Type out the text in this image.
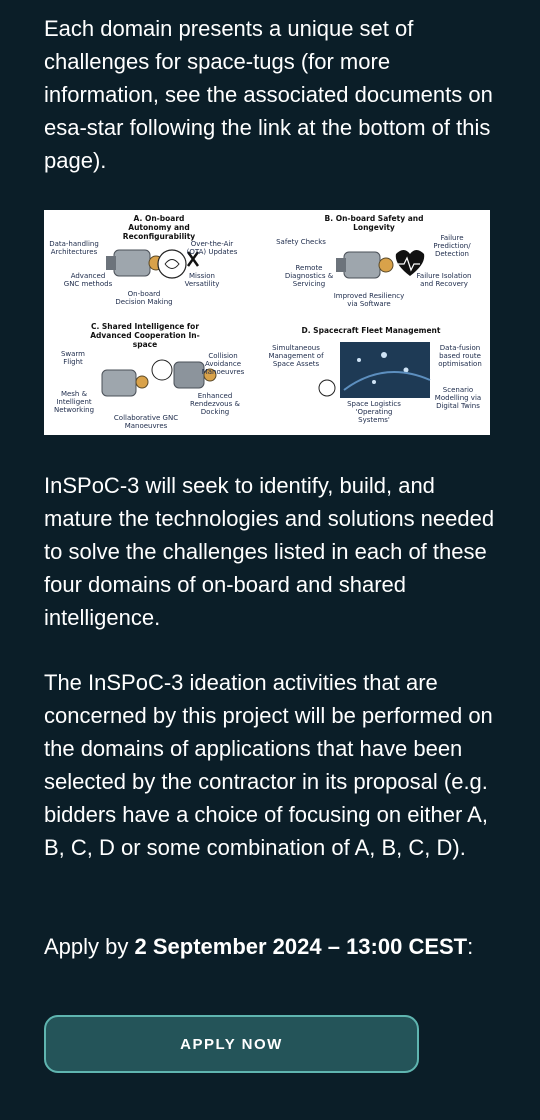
Each domain presents a unique set of challenges for space-tugs (for more information, see the associated documents on esa-star following the link at the bottom of this page).

A. On-board Autonomy and
Reconfigurability
Data-handling
Architectures
Over-the-Air
(OTA) Updates
Advanced
GNC methods
Mission
Versatility
On-board
Decision Making
B. On-board Safety and
Longevity
Safety Checks	Failure
Prediction/
Detection
Remote
Diagnostics &
Servicing
Failure Isolation
and Recovery
Improved Resiliency
via Software
C. Shared Intelligence for
Advanced Cooperation In-space
Swarm
Flight
Collision
Avoidance
Manoeuvres
Mesh &
Intelligent
Networking
Enhanced
Rendezvous &
Docking
Collaborative GNC
Manoeuvres
D. Spacecraft Fleet Management
Simultaneous
Management of
Space Assets
Data-fusion
based route
optimisation
Space Logistics
'Operating
Systems'
Scenario
Modelling via
Digital Twins

InSPoC-3 will seek to identify, build, and mature the technologies and solutions needed to solve the challenges listed in each of these four domains of on-board and shared intelligence.

The InSPoC-3 ideation activities that are concerned by this project will be performed on the domains of applications that have been selected by the contractor in its proposal (e.g. bidders have a choice of focusing on either A, B, C, D or some combination of A, B, C, D).

Apply by 2 September 2024 – 13:00 CEST:

APPLY NOW
